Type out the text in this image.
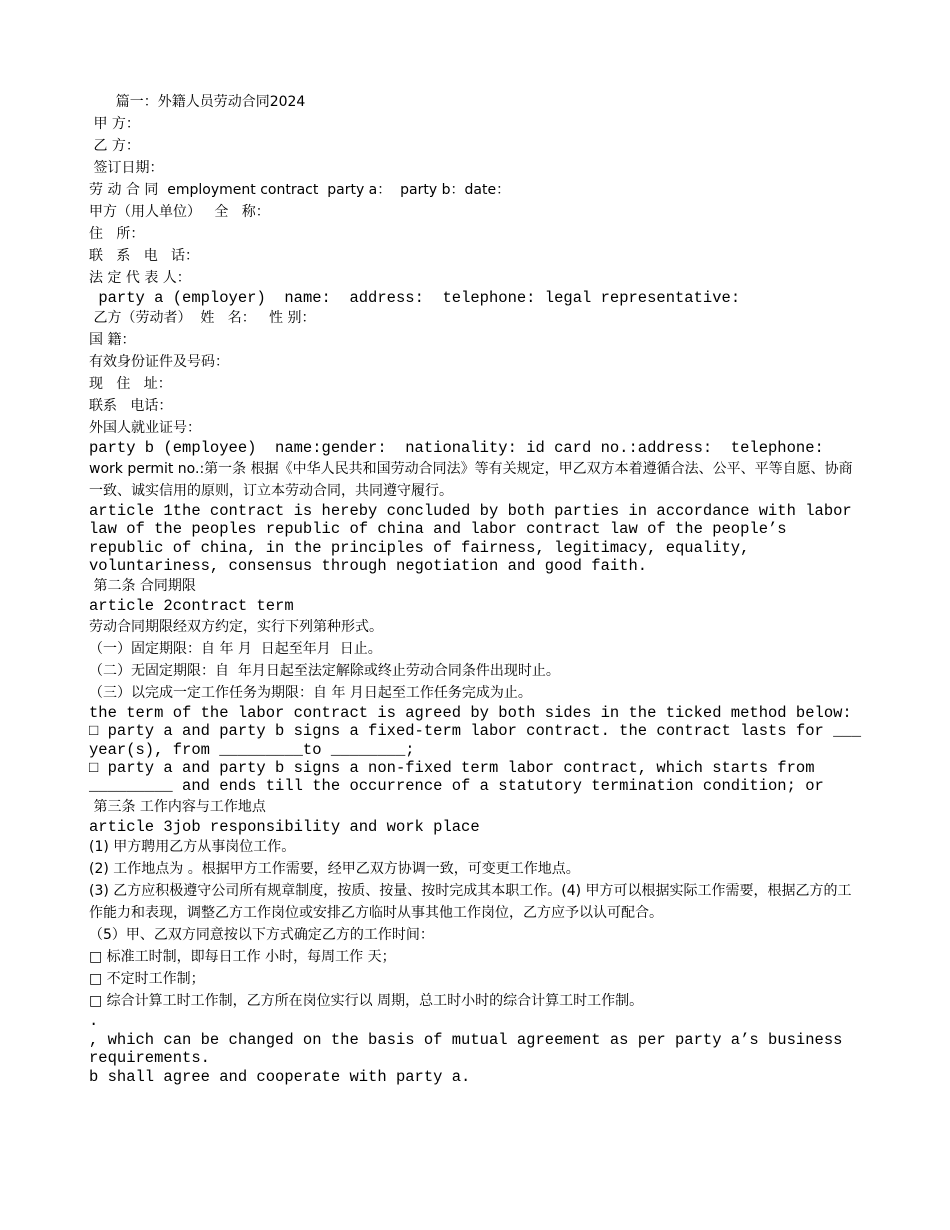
篇一：外籍人员劳动合同2024
甲 方：
乙 方：
签订日期：
劳 动 合 同  employment contract  party a：  party b：date：
甲方（用人单位）   全   称：
住   所：
联   系   电   话：
法 定 代 表 人：
party a (employer)  name:  address:  telephone: legal representative:
乙方（劳动者）  姓   名：   性 别：
国 籍：
有效身份证件及号码：
现   住   址：
联系   电话：
外国人就业证号：
party b (employee)  name:gender:  nationality: id card no.:address:  telephone:
work permit no.:第一条 根据《中华人民共和国劳动合同法》等有关规定，甲乙双方本着遵循合法、公平、平等自愿、协商一致、诚实信用的原则，订立本劳动合同，共同遵守履行。
article 1the contract is hereby concluded by both parties in accordance with labor law of the peoples republic of china and labor contract law of the people’s republic of china, in the principles of fairness, legitimacy, equality, voluntariness, consensus through negotiation and good faith.
第二条 合同期限
article 2contract term
劳动合同期限经双方约定，实行下列第种形式。
（一）固定期限：自 年 月  日起至年月  日止。
（二）无固定期限：自  年月日起至法定解除或终止劳动合同条件出现时止。
（三）以完成一定工作任务为期限：自 年 月日起至工作任务完成为止。
the term of the labor contract is agreed by both sides in the ticked method below:
□ party a and party b signs a fixed-term labor contract. the contract lasts for ___ year(s), from _________to ________;
□ party a and party b signs a non-fixed term labor contract, which starts from _________ and ends till the occurrence of a statutory termination condition; or
第三条 工作内容与工作地点
article 3job responsibility and work place
(1) 甲方聘用乙方从事岗位工作。
(2) 工作地点为 。根据甲方工作需要，经甲乙双方协调一致，可变更工作地点。
(3) 乙方应积极遵守公司所有规章制度，按质、按量、按时完成其本职工作。(4) 甲方可以根据实际工作需要，根据乙方的工作能力和表现，调整乙方工作岗位或安排乙方临时从事其他工作岗位，乙方应予以认可配合。
（5）甲、乙双方同意按以下方式确定乙方的工作时间：
□ 标准工时制，即每日工作 小时，每周工作 天；
□ 不定时工作制；
□ 综合计算工时工作制，乙方所在岗位实行以 周期，总工时小时的综合计算工时工作制。
.
, which can be changed on the basis of mutual agreement as per party a’s business requirements.
b shall agree and cooperate with party a.
